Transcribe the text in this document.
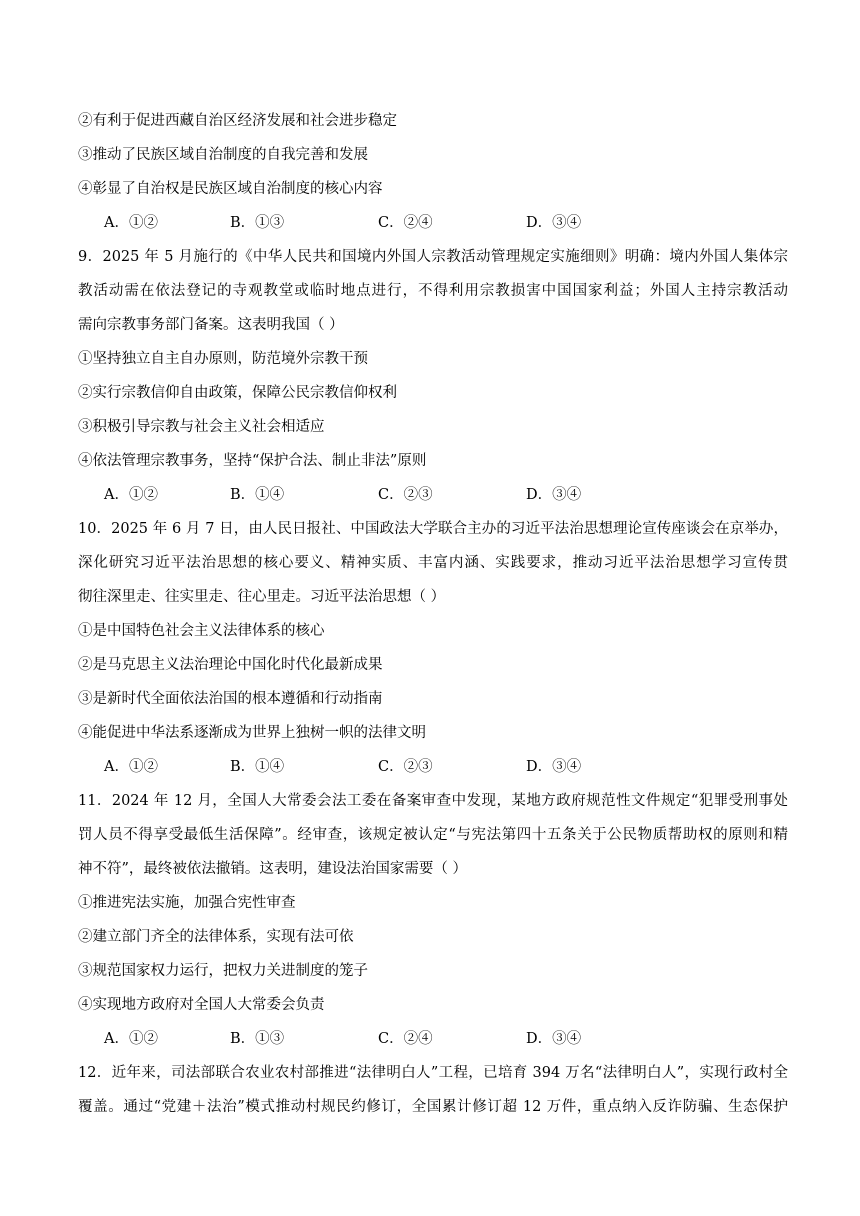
②有利于促进西藏自治区经济发展和社会进步稳定
③推动了民族区域自治制度的自我完善和发展
④彰显了自治权是民族区域自治制度的核心内容
A．①②	B．①③	C．②④	D．③④
9．2025 年 5 月施行的《中华人民共和国境内外国人宗教活动管理规定实施细则》明确：境内外国人集体宗
教活动需在依法登记的寺观教堂或临时地点进行，不得利用宗教损害中国国家利益；外国人主持宗教活动
需向宗教事务部门备案。这表明我国（ ）
①坚持独立自主自办原则，防范境外宗教干预
②实行宗教信仰自由政策，保障公民宗教信仰权利
③积极引导宗教与社会主义社会相适应
④依法管理宗教事务，坚持“保护合法、制止非法”原则
A．①②	B．①④	C．②③	D．③④
10．2025 年 6 月 7 日，由人民日报社、中国政法大学联合主办的习近平法治思想理论宣传座谈会在京举办，
深化研究习近平法治思想的核心要义、精神实质、丰富内涵、实践要求，推动习近平法治思想学习宣传贯
彻往深里走、往实里走、往心里走。习近平法治思想（ ）
①是中国特色社会主义法律体系的核心
②是马克思主义法治理论中国化时代化最新成果
③是新时代全面依法治国的根本遵循和行动指南
④能促进中华法系逐渐成为世界上独树一帜的法律文明
A．①②	B．①④	C．②③	D．③④
11．2024 年 12 月，全国人大常委会法工委在备案审查中发现，某地方政府规范性文件规定“犯罪受刑事处
罚人员不得享受最低生活保障”。经审查，该规定被认定“与宪法第四十五条关于公民物质帮助权的原则和精
神不符”，最终被依法撤销。这表明，建设法治国家需要（ ）
①推进宪法实施，加强合宪性审查
②建立部门齐全的法律体系，实现有法可依
③规范国家权力运行，把权力关进制度的笼子
④实现地方政府对全国人大常委会负责
A．①②	B．①③	C．②④	D．③④
12．近年来，司法部联合农业农村部推进“法律明白人”工程，已培育 394 万名“法律明白人”，实现行政村全
覆盖。通过“党建＋法治”模式推动村规民约修订，全国累计修订超 12 万件，重点纳入反诈防骗、生态保护
